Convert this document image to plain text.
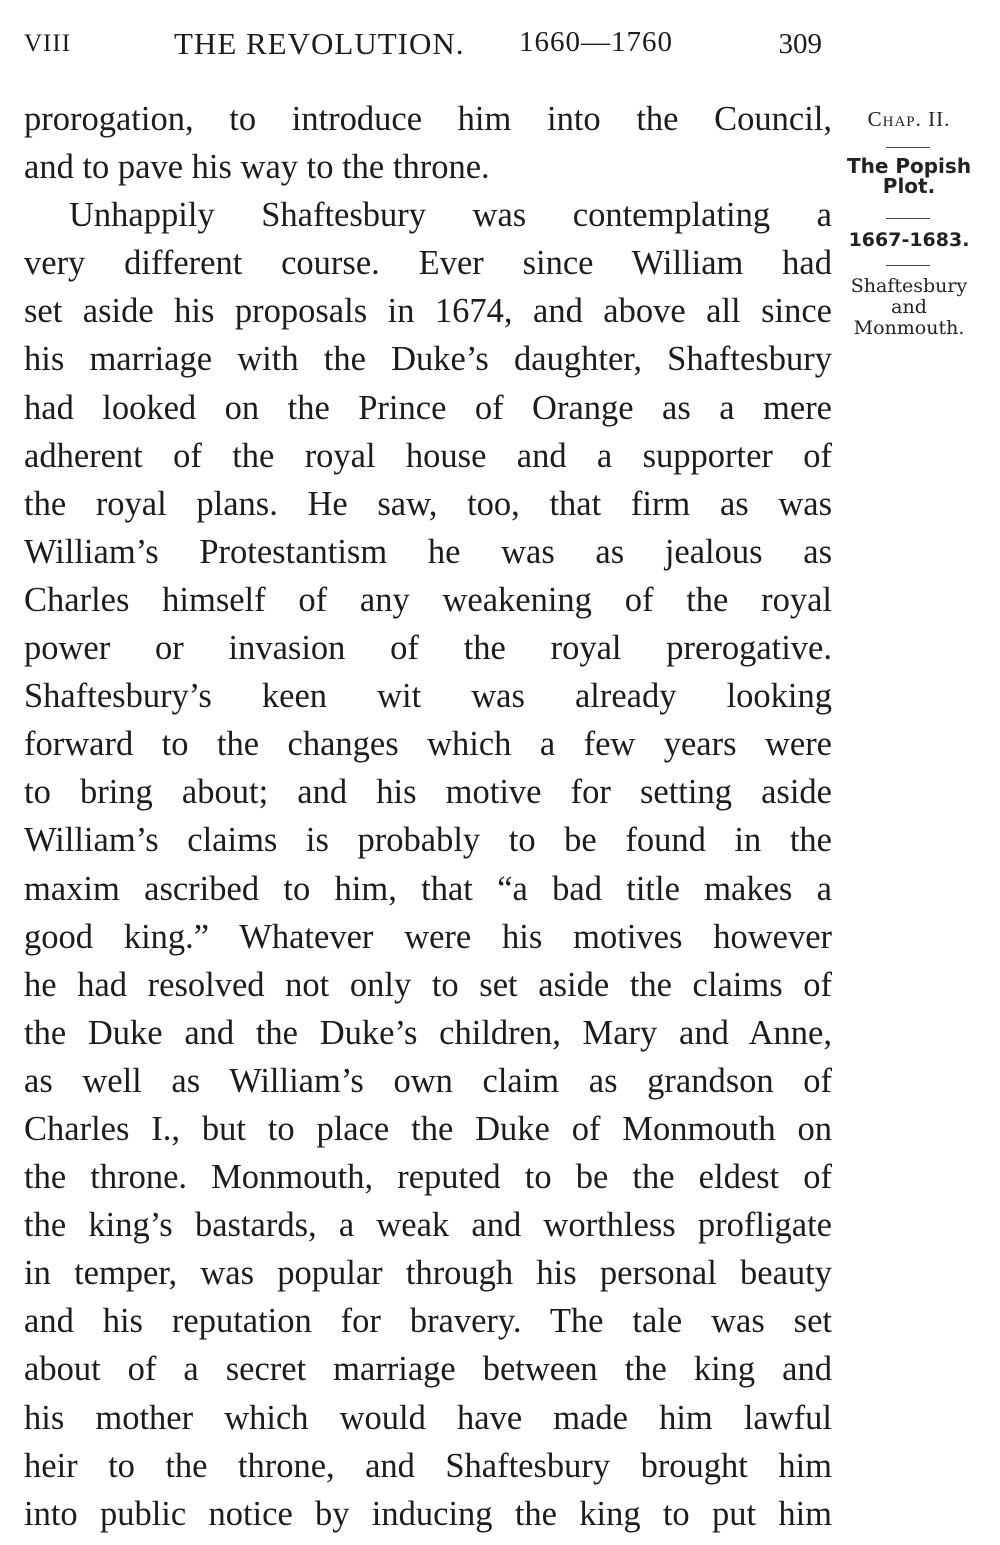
VIII	THE REVOLUTION. 1660—1760	309

prorogation, to introduce him into the Council,
and to pave his way to the throne.

Unhappily Shaftesbury was contemplating a
very different course. Ever since William had
set aside his proposals in 1674, and above all since
his marriage with the Duke’s daughter, Shaftesbury
had looked on the Prince of Orange as a mere
adherent of the royal house and a supporter of
the royal plans. He saw, too, that firm as was
William’s Protestantism he was as jealous as
Charles himself of any weakening of the royal
power or invasion of the royal prerogative.
Shaftesbury’s keen wit was already looking
forward to the changes which a few years were
to bring about; and his motive for setting aside
William’s claims is probably to be found in the
maxim ascribed to him, that “a bad title makes a
good king.” Whatever were his motives however
he had resolved not only to set aside the claims of
the Duke and the Duke’s children, Mary and Anne,
as well as William’s own claim as grandson of
Charles I., but to place the Duke of Monmouth on
the throne. Monmouth, reputed to be the eldest of
the king’s bastards, a weak and worthless profligate
in temper, was popular through his personal beauty
and his reputation for bravery. The tale was set
about of a secret marriage between the king and
his mother which would have made him lawful
heir to the throne, and Shaftesbury brought him
into public notice by inducing the king to put him

Chap. II.
The Popish
Plot.
1667-1683.
Shaftesbury
and
Monmouth.
